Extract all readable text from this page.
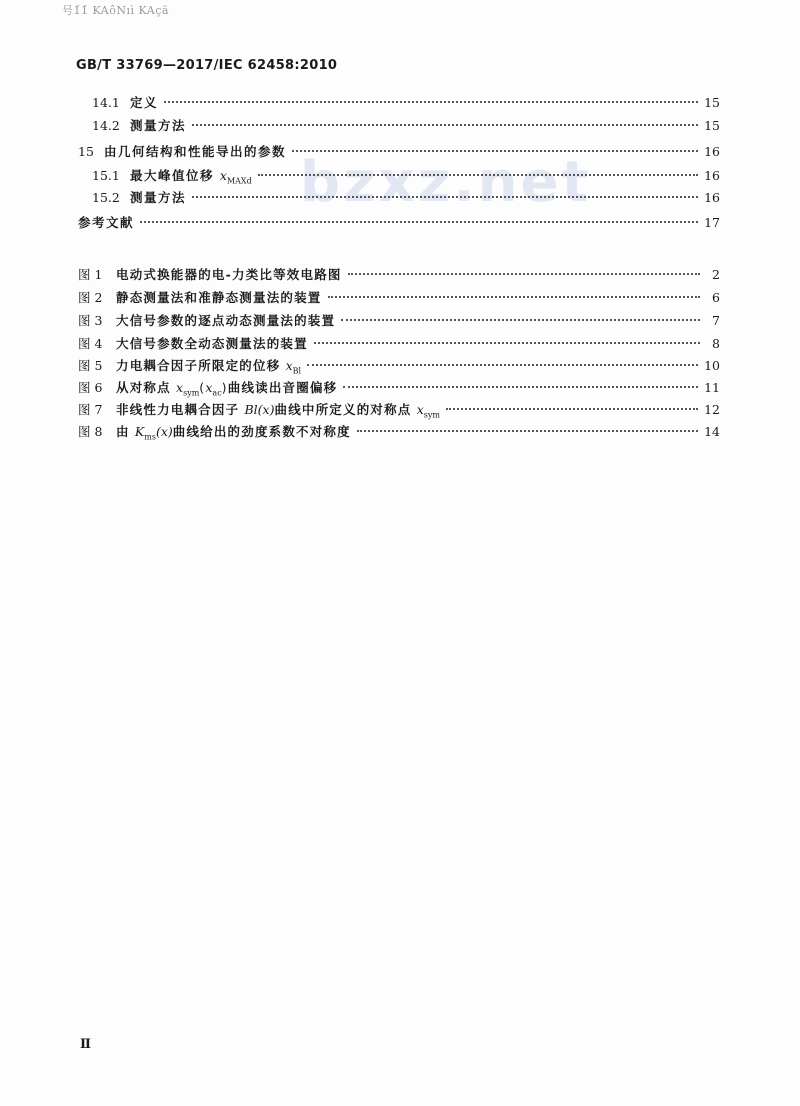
号1́1́ KAôNıì KAçä
GB/T 33769—2017/IEC 62458:2010
bzxz.net
14.1 定义	15
14.2 测量方法	15
15 由几何结构和性能导出的参数	16
15.1 最大峰值位移 $x_{MAXd}$	16
15.2 测量方法	16
参考文献	17
图 1	电动式换能器的电-力类比等效电路图	2
图 2	静态测量法和准静态测量法的装置	6
图 3	大信号参数的逐点动态测量法的装置	7
图 4	大信号参数全动态测量法的装置	8
图 5	力电耦合因子所限定的位移 $x_{Bl}$	10
图 6	从对称点 $x_{sym}(x_{ac})$曲线读出音圈偏移	11
图 7	非线性力电耦合因子 Bl(x)曲线中所定义的对称点 $x_{sym}$	12
图 8	由 $K_{ms}(x)$曲线给出的劲度系数不对称度	14
Ⅱ
